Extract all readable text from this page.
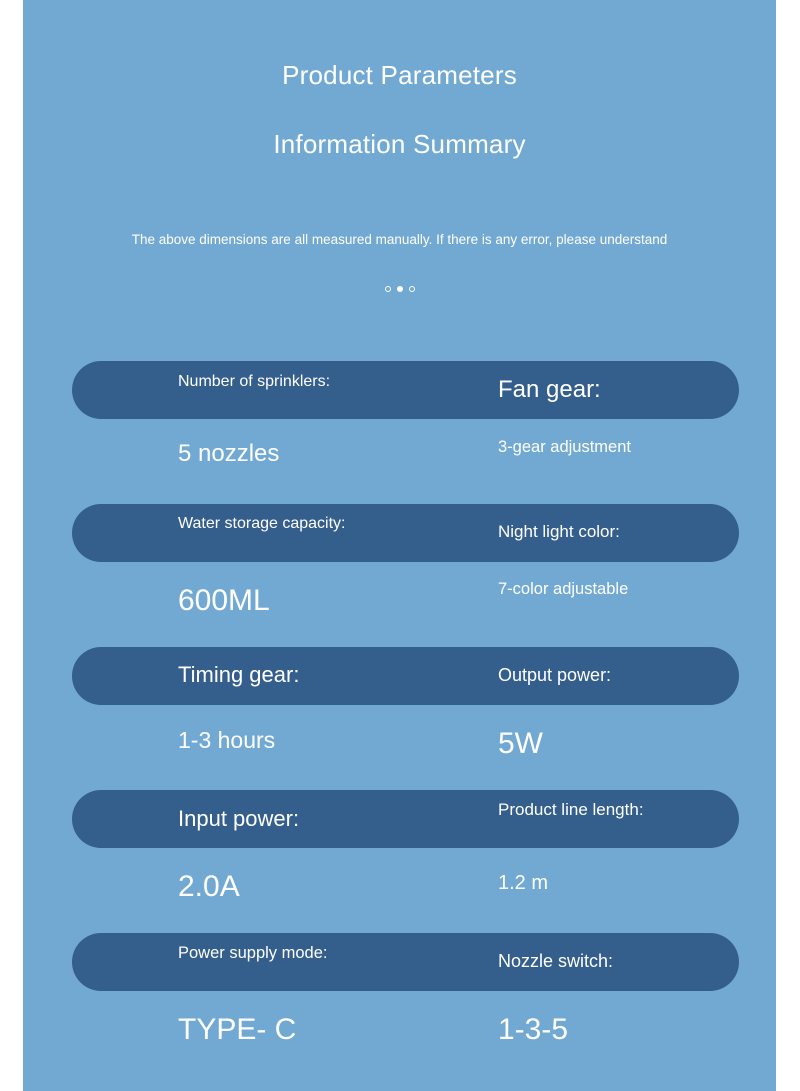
Product Parameters
Information Summary
The above dimensions are all measured manually. If there is any error, please understand
Number of sprinklers:	Fan gear:
5 nozzles	3-gear adjustment
Water storage capacity:	Night light color:
600ML	7-color adjustable
Timing gear:	Output power:
1-3 hours	5W
Input power:	Product line length:
2.0A	1.2 m
Power supply mode:	Nozzle switch:
TYPE- C	1-3-5
